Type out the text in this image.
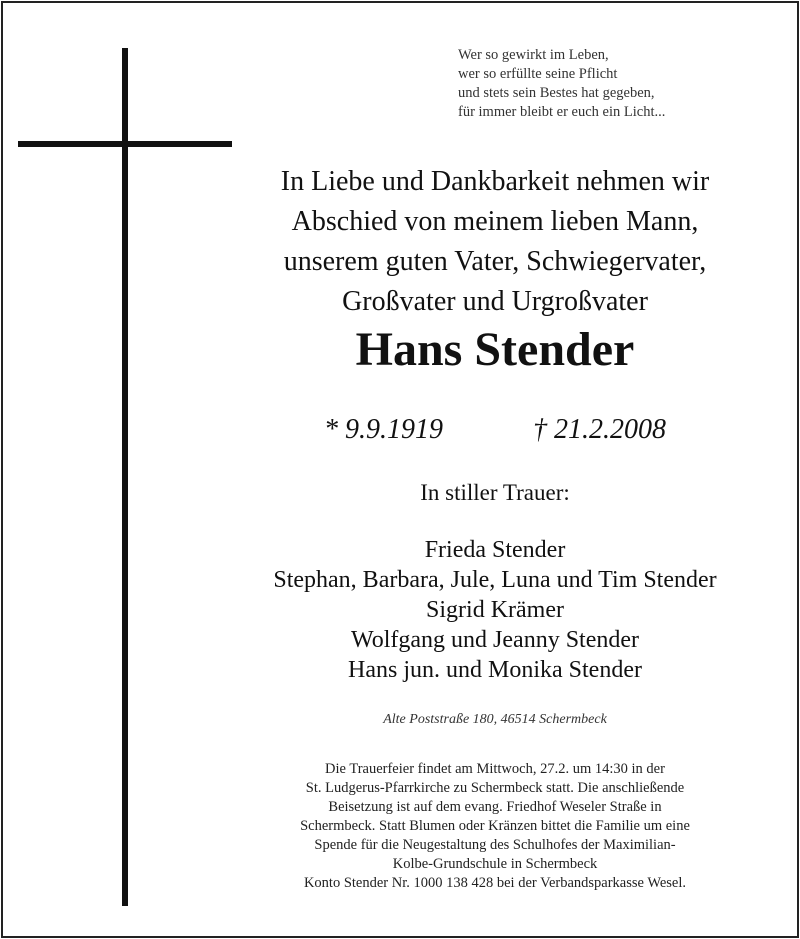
Wer so gewirkt im Leben,
wer so erfüllte seine Pflicht
und stets sein Bestes hat gegeben,
für immer bleibt er euch ein Licht...
In Liebe und Dankbarkeit nehmen wir
Abschied von meinem lieben Mann,
unserem guten Vater, Schwiegervater,
Großvater und Urgroßvater
Hans Stender
* 9.9.1919	† 21.2.2008
In stiller Trauer:
Frieda Stender
Stephan, Barbara, Jule, Luna und Tim Stender
Sigrid Krämer
Wolfgang und Jeanny Stender
Hans jun. und Monika Stender
Alte Poststraße 180, 46514 Schermbeck
Die Trauerfeier findet am Mittwoch, 27.2. um 14:30 in der
St. Ludgerus-Pfarrkirche zu Schermbeck statt. Die anschließende
Beisetzung ist auf dem evang. Friedhof Weseler Straße in
Schermbeck. Statt Blumen oder Kränzen bittet die Familie um eine
Spende für die Neugestaltung des Schulhofes der Maximilian-
Kolbe-Grundschule in Schermbeck
Konto Stender Nr. 1000 138 428 bei der Verbandsparkasse Wesel.
